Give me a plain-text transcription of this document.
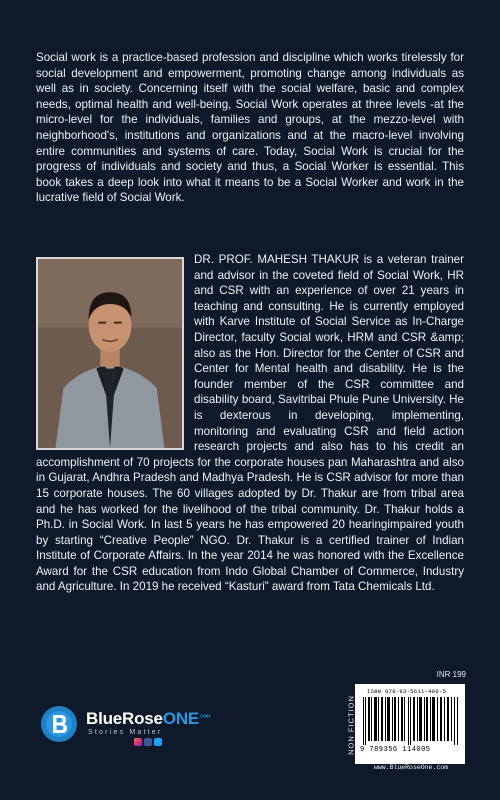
Social work is a practice-based profession and discipline which works tirelessly for social development and empowerment, promoting change among individuals as well as in society. Concerning itself with the social welfare, basic and complex needs, optimal health and well-being, Social Work operates at three levels -at the micro-level for the individuals, families and groups, at the mezzo-level with neighborhood's, institutions and organizations and at the macro-level involving entire communities and systems of care. Today, Social Work is crucial for the progress of individuals and society and thus, a Social Worker is essential. This book takes a deep look into what it means to be a Social Worker and work in the lucrative field of Social Work.

DR. PROF. MAHESH THAKUR is a veteran trainer and advisor in the coveted field of Social Work, HR and CSR with an experience of over 21 years in teaching and consulting. He is currently employed with Karve Institute of Social Service as In-Charge Director, faculty Social work, HRM and CSR &amp; also as the Hon. Director for the Center of CSR and Center for Mental health and disability. He is the founder member of the CSR committee and disability board, Savitribai Phule Pune University. He is dexterous in developing, implementing, monitoring and evaluating CSR and field action research projects and also has to his credit an accomplishment of 70 projects for the corporate houses pan Maharashtra and also in Gujarat, Andhra Pradesh and Madhya Pradesh. He is CSR advisor for more than 15 corporate houses. The 60 villages adopted by Dr. Thakur are from tribal area and he has worked for the livelihood of the tribal community. Dr. Thakur holds a Ph.D. in Social Work. In last 5 years he has empowered 20 hearingimpaired youth by starting “Creative People” NGO. Dr. Thakur is a certified trainer of Indian Institute of Corporate Affairs. In the year 2014 he was honored with the Excellence Award for the CSR education from Indo Global Chamber of Commerce, Industry and Agriculture. In 2019 he received “Kasturi” award from Tata Chemicals Ltd.

INR 199
NON FICTION
ISBN 978-93-5611-400-5
9 789356 114005
www.BlueRoseOne.com
BlueRoseONE$^{.com}$
Stories Matter
